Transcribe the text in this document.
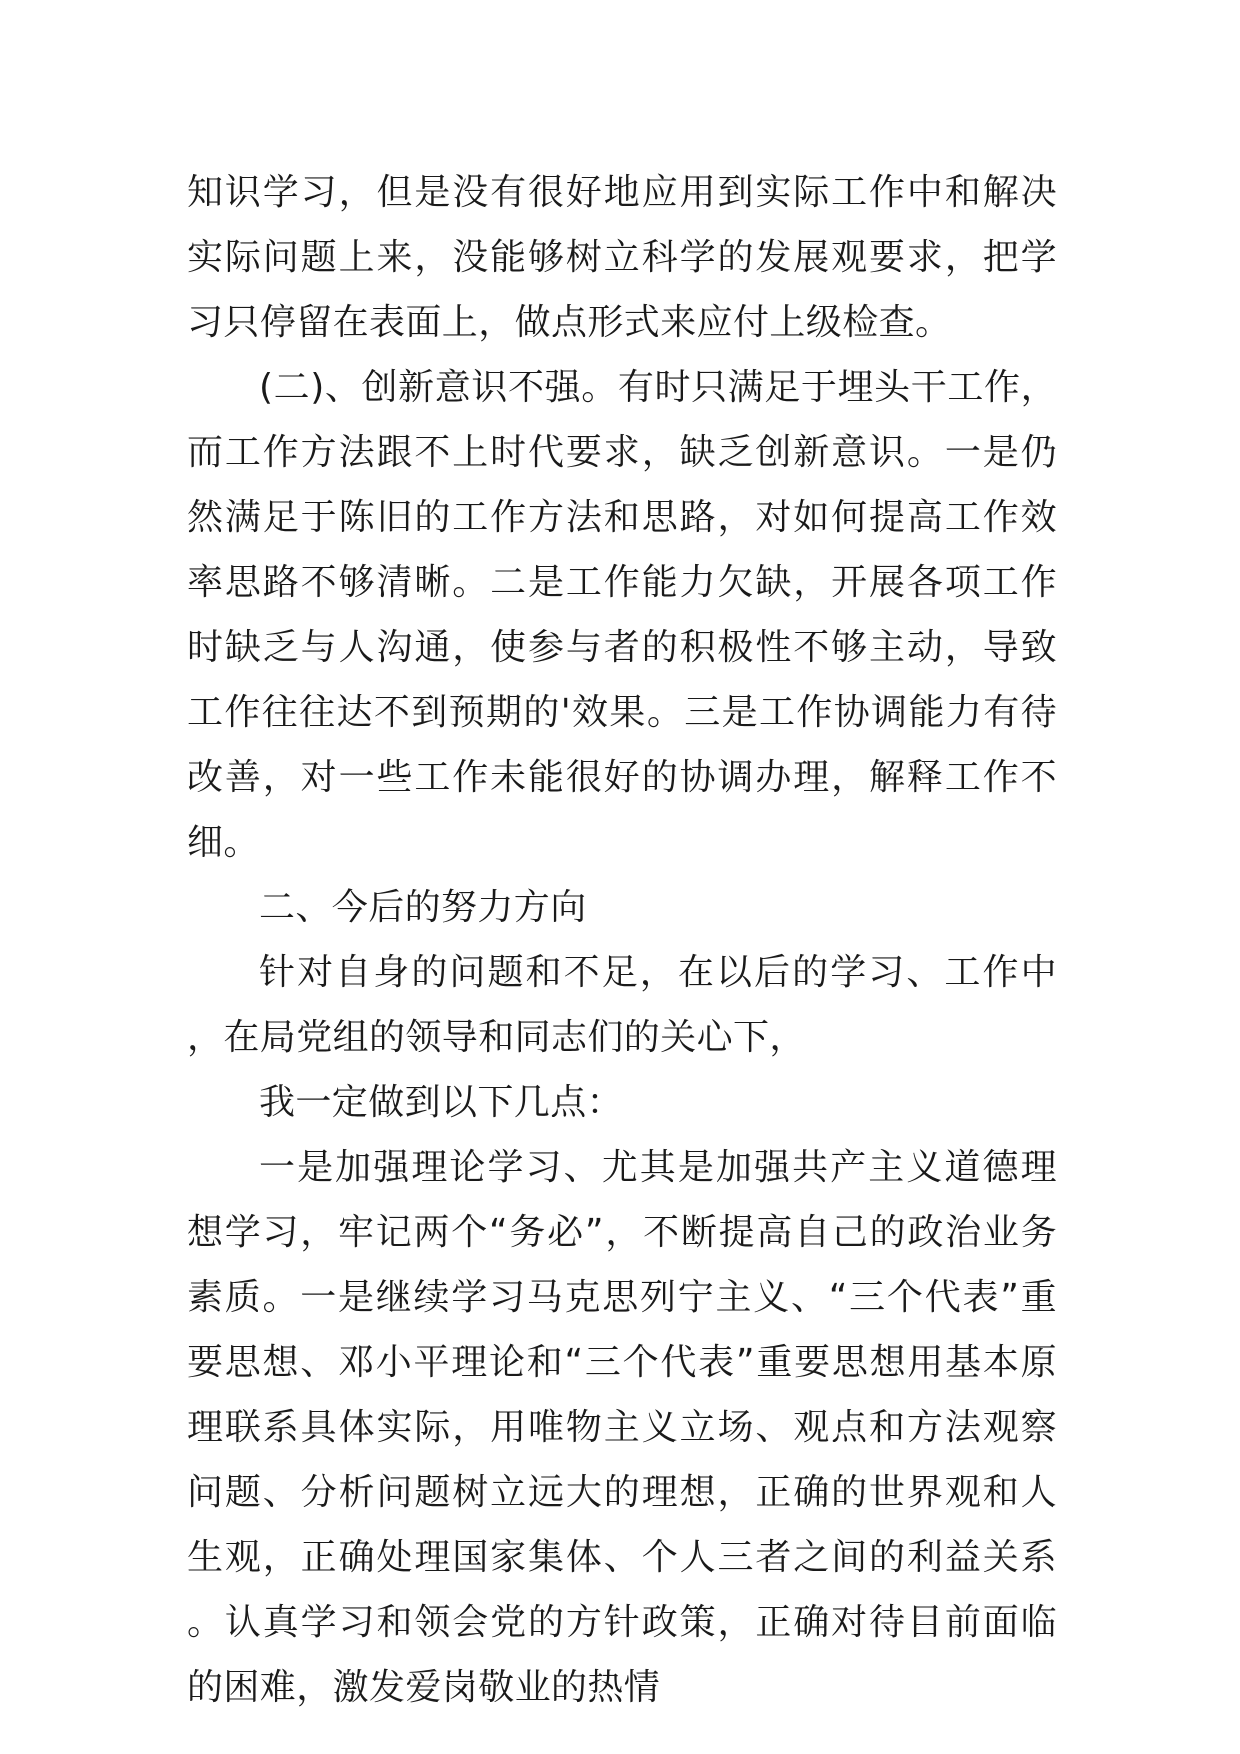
知识学习，但是没有很好地应用到实际工作中和解决实际问题上来，没能够树立科学的发展观要求，把学习只停留在表面上，做点形式来应付上级检查。

(二)、创新意识不强。有时只满足于埋头干工作，而工作方法跟不上时代要求，缺乏创新意识。一是仍然满足于陈旧的工作方法和思路，对如何提高工作效率思路不够清晰。二是工作能力欠缺，开展各项工作时缺乏与人沟通，使参与者的积极性不够主动，导致工作往往达不到预期的'效果。三是工作协调能力有待改善，对一些工作未能很好的协调办理，解释工作不细。

二、今后的努力方向

针对自身的问题和不足，在以后的学习、工作中，在局党组的领导和同志们的关心下，

我一定做到以下几点：

一是加强理论学习、尤其是加强共产主义道德理想学习，牢记两个“务必”，不断提高自己的政治业务素质。一是继续学习马克思列宁主义、“三个代表”重要思想、邓小平理论和“三个代表”重要思想用基本原理联系具体实际，用唯物主义立场、观点和方法观察问题、分析问题树立远大的理想，正确的世界观和人生观，正确处理国家集体、个人三者之间的利益关系。认真学习和领会党的方针政策，正确对待目前面临的困难，激发爱岗敬业的热情
